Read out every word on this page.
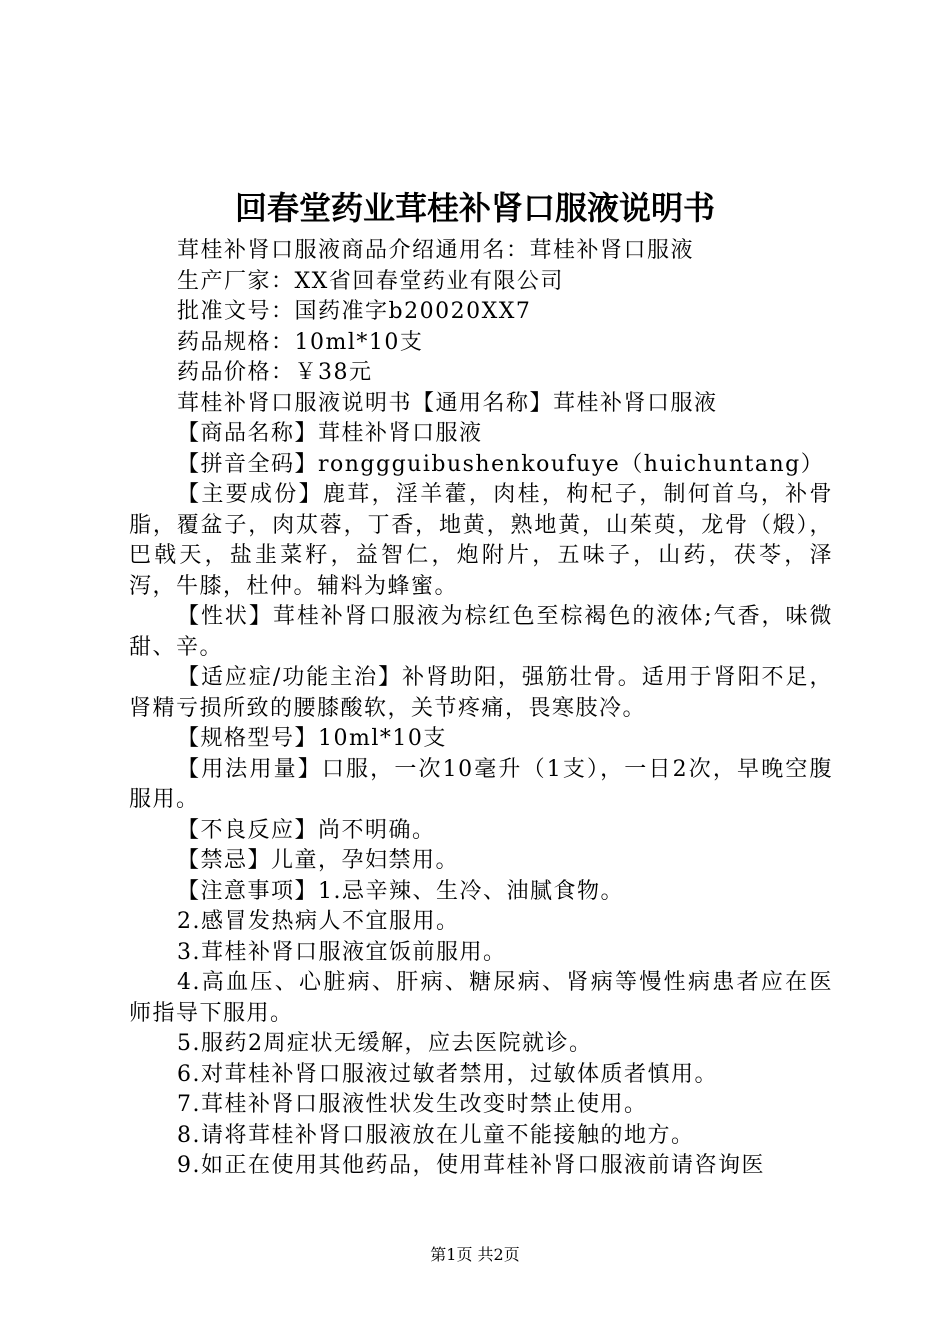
回春堂药业茸桂补肾口服液说明书

茸桂补肾口服液商品介绍通用名：茸桂补肾口服液

生产厂家：XX省回春堂药业有限公司

批准文号：国药准字b20020XX7

药品规格：10ml*10支

药品价格：￥38元

茸桂补肾口服液说明书【通用名称】茸桂补肾口服液

【商品名称】茸桂补肾口服液

【拼音全码】ronggguibushenkoufuye（huichuntang）

【主要成份】鹿茸，淫羊藿，肉桂，枸杞子，制何首乌，补骨脂，覆盆子，肉苁蓉，丁香，地黄，熟地黄，山茱萸，龙骨（煅），巴戟天，盐韭菜籽，益智仁，炮附片，五味子，山药，茯苓，泽泻，牛膝，杜仲。辅料为蜂蜜。

【性状】茸桂补肾口服液为棕红色至棕褐色的液体;气香，味微甜、辛。

【适应症/功能主治】补肾助阳，强筋壮骨。适用于肾阳不足，肾精亏损所致的腰膝酸软，关节疼痛，畏寒肢冷。

【规格型号】10ml*10支

【用法用量】口服，一次10毫升（1支），一日2次，早晚空腹服用。

【不良反应】尚不明确。

【禁忌】儿童，孕妇禁用。

【注意事项】1.忌辛辣、生冷、油腻食物。

2.感冒发热病人不宜服用。

3.茸桂补肾口服液宜饭前服用。

4.高血压、心脏病、肝病、糖尿病、肾病等慢性病患者应在医师指导下服用。

5.服药2周症状无缓解，应去医院就诊。

6.对茸桂补肾口服液过敏者禁用，过敏体质者慎用。

7.茸桂补肾口服液性状发生改变时禁止使用。

8.请将茸桂补肾口服液放在儿童不能接触的地方。

9.如正在使用其他药品，使用茸桂补肾口服液前请咨询医

第1页 共2页
